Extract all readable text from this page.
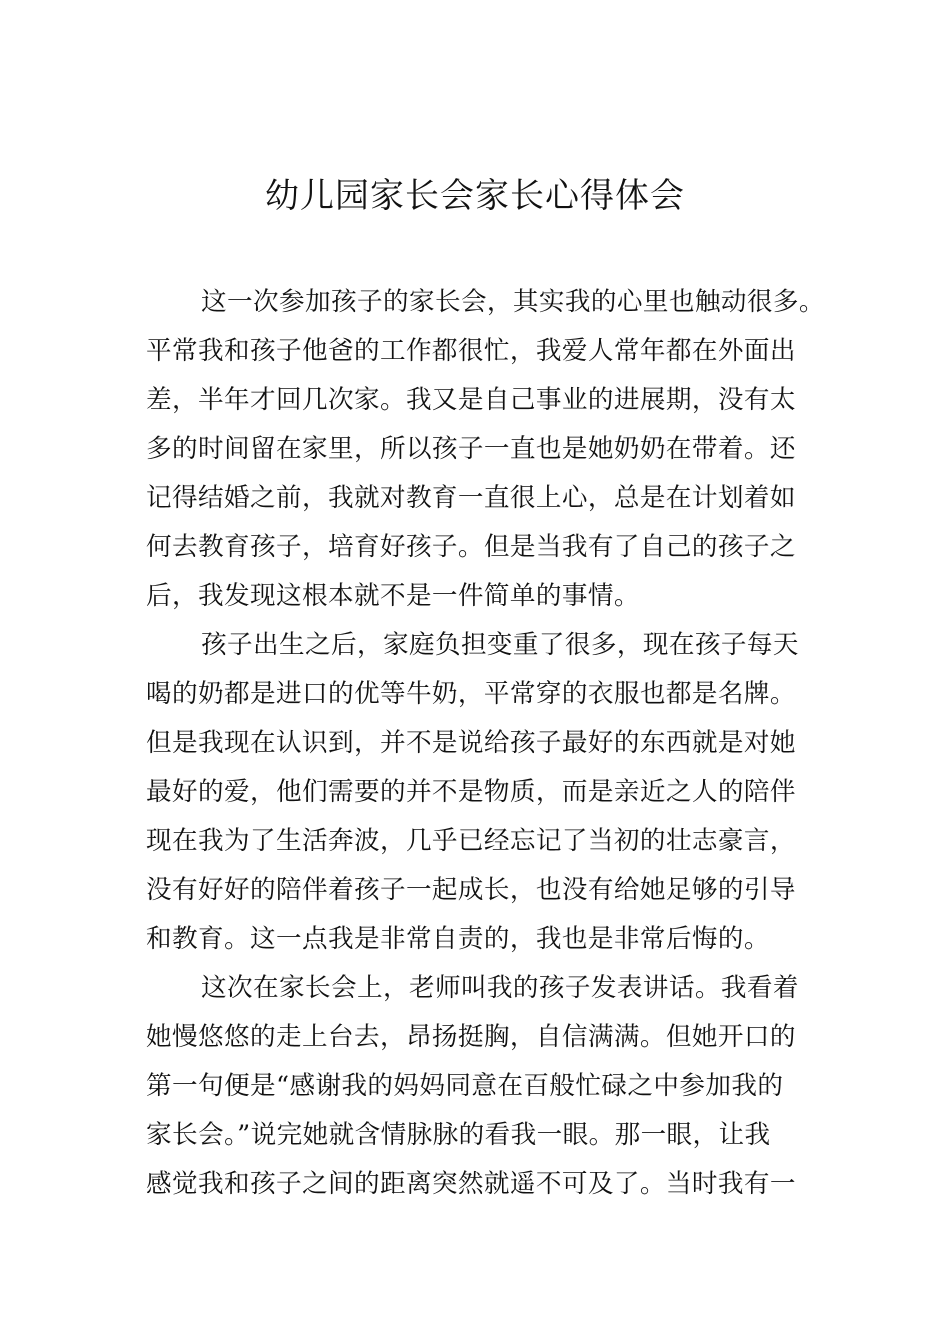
幼儿园家长会家长心得体会
这一次参加孩子的家长会，其实我的心里也触动很多。
平常我和孩子他爸的工作都很忙，我爱人常年都在外面出
差，半年才回几次家。我又是自己事业的进展期，没有太
多的时间留在家里，所以孩子一直也是她奶奶在带着。还
记得结婚之前，我就对教育一直很上心，总是在计划着如
何去教育孩子，培育好孩子。但是当我有了自己的孩子之
后，我发现这根本就不是一件简单的事情。
孩子出生之后，家庭负担变重了很多，现在孩子每天
喝的奶都是进口的优等牛奶，平常穿的衣服也都是名牌。
但是我现在认识到，并不是说给孩子最好的东西就是对她
最好的爱，他们需要的并不是物质，而是亲近之人的陪伴
现在我为了生活奔波，几乎已经忘记了当初的壮志豪言，
没有好好的陪伴着孩子一起成长，也没有给她足够的引导
和教育。这一点我是非常自责的，我也是非常后悔的。
这次在家长会上，老师叫我的孩子发表讲话。我看着
她慢悠悠的走上台去，昂扬挺胸，自信满满。但她开口的
第一句便是“感谢我的妈妈同意在百般忙碌之中参加我的
家长会。”说完她就含情脉脉的看我一眼。那一眼，让我
感觉我和孩子之间的距离突然就遥不可及了。当时我有一
